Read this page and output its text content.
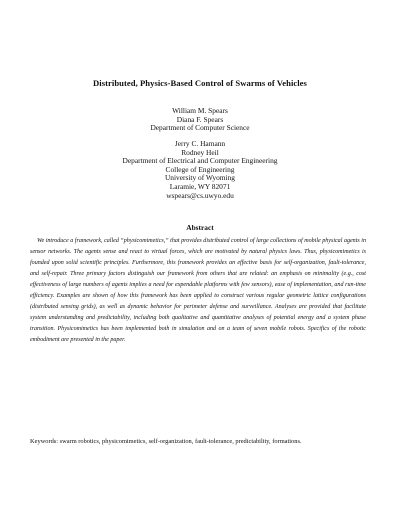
Distributed, Physics-Based Control of Swarms of Vehicles
William M. Spears
Diana F. Spears
Department of Computer Science
Jerry C. Hamann
Rodney Heil
Department of Electrical and Computer Engineering
College of Engineering
University of Wyoming
Laramie, WY 82071
wspears@cs.uwyo.edu
Abstract

We introduce a framework, called “physicomimetics,” that provides distributed control of large collections of mobile physical agents in sensor networks. The agents sense and react to virtual forces, which are motivated by natural physics laws. Thus, physicomimetics is founded upon solid scientific principles. Furthermore, this framework provides an effective basis for self-organization, fault-tolerance, and self-repair. Three primary factors distinguish our framework from others that are related: an emphasis on minimality (e.g., cost effectiveness of large numbers of agents implies a need for expendable platforms with few sensors), ease of implementation, and run-time efficiency. Examples are shown of how this framework has been applied to construct various regular geometric lattice configurations (distributed sensing grids), as well as dynamic behavior for perimeter defense and surveillance. Analyses are provided that facilitate system understanding and predictability, including both qualitative and quantitative analyses of potential energy and a system phase transition. Physicomimetics has been implemented both in simulation and on a team of seven mobile robots. Specifics of the robotic embodiment are presented in the paper.

Keywords: swarm robotics, physicomimetics, self-organization, fault-tolerance, predictability, formations.
